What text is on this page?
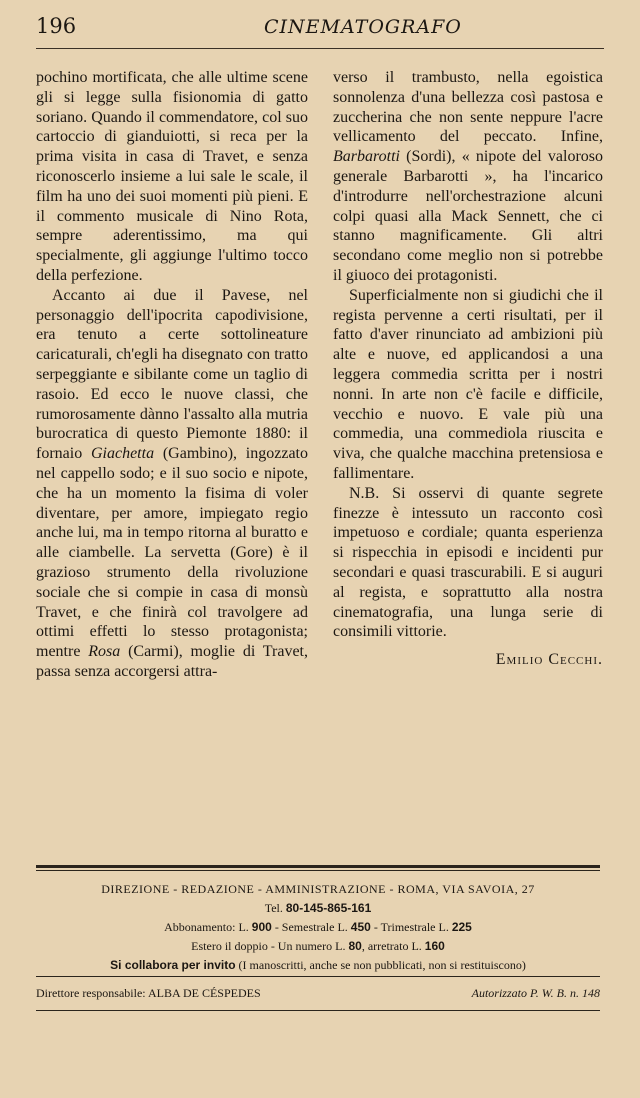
196	CINEMATOGRAFO

pochino mortificata, che alle ultime scene gli si legge sulla fisionomia di gatto soriano. Quando il commendatore, col suo cartoccio di gianduiotti, si reca per la prima visita in casa di Travet, e senza riconoscerlo insieme a lui sale le scale, il film ha uno dei suoi momenti più pieni. E il commento musicale di Nino Rota, sempre aderentissimo, ma qui specialmente, gli aggiunge l'ultimo tocco della perfezione.

Accanto ai due il Pavese, nel personaggio dell'ipocrita capodivisione, era tenuto a certe sottolineature caricaturali, ch'egli ha disegnato con tratto serpeggiante e sibilante come un taglio di rasoio. Ed ecco le nuove classi, che rumorosamente dànno l'assalto alla mutria burocratica di questo Piemonte 1880: il fornaio Giachetta (Gambino), ingozzato nel cappello sodo; e il suo socio e nipote, che ha un momento la fisima di voler diventare, per amore, impiegato regio anche lui, ma in tempo ritorna al buratto e alle ciambelle. La servetta (Gore) è il grazioso strumento della rivoluzione sociale che si compie in casa di monsù Travet, e che finirà col travolgere ad ottimi effetti lo stesso protagonista; mentre Rosa (Carmi), moglie di Travet, passa senza accorgersi attra-

verso il trambusto, nella egoistica sonnolenza d'una bellezza così pastosa e zuccherina che non sente neppure l'acre vellicamento del peccato. Infine, Barbarotti (Sordi), « nipote del valoroso generale Barbarotti », ha l'incarico d'introdurre nell'orchestrazione alcuni colpi quasi alla Mack Sennett, che ci stanno magnificamente. Gli altri secondano come meglio non si potrebbe il giuoco dei protagonisti.

Superficialmente non si giudichi che il regista pervenne a certi risultati, per il fatto d'aver rinunciato ad ambizioni più alte e nuove, ed applicandosi a una leggera commedia scritta per i nostri nonni. In arte non c'è facile e difficile, vecchio e nuovo. E vale più una commedia, una commediola riuscita e viva, che qualche macchina pretensiosa e fallimentare.

N.B. Si osservi di quante segrete finezze è intessuto un racconto così impetuoso e cordiale; quanta esperienza si rispecchia in episodi e incidenti pur secondari e quasi trascurabili. E si auguri al regista, e soprattutto alla nostra cinematografia, una lunga serie di consimili vittorie.

Emilio Cecchi.
DIREZIONE - REDAZIONE - AMMINISTRAZIONE - ROMA, VIA SAVOIA, 27
Tel. 80-145-865-161
Abbonamento: L. 900 - Semestrale L. 450 - Trimestrale L. 225
Estero il doppio - Un numero L. 80, arretrato L. 160
Si collabora per invito (I manoscritti, anche se non pubblicati, non si restituiscono)
Direttore responsabile: ALBA DE CÉSPEDES	Autorizzato P. W. B. n. 148
